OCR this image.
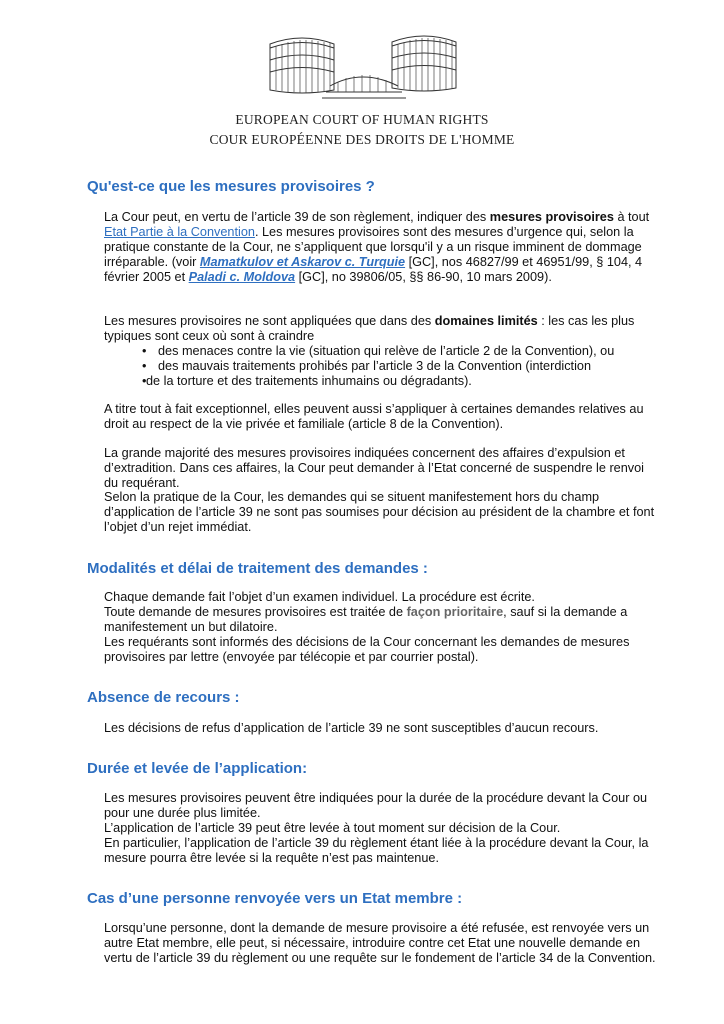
EUROPEAN COURT OF HUMAN RIGHTS
COUR EUROPÉENNE DES DROITS DE L'HOMME
Qu'est-ce que les mesures provisoires ?

La Cour peut, en vertu de l’article 39 de son règlement, indiquer des mesures provisoires à tout Etat Partie à la Convention. Les mesures provisoires sont des mesures d’urgence qui, selon la pratique constante de la Cour, ne s’appliquent que lorsqu'il y a un risque imminent de dommage irréparable. (voir Mamatkulov et Askarov c. Turquie [GC], nos 46827/99 et 46951/99, § 104, 4 février 2005 et Paladi c. Moldova [GC], no 39806/05, §§ 86-90, 10 mars 2009).

Les mesures provisoires ne sont appliquées que dans des domaines limités : les cas les plus typiques sont ceux où sont à craindre

• des menaces contre la vie (situation qui relève de l’article 2 de la Convention), ou
• des mauvais traitements prohibés par l’article 3 de la Convention (interdiction
• de la torture et des traitements inhumains ou dégradants).

A titre tout à fait exceptionnel, elles peuvent aussi s’appliquer à certaines demandes relatives au droit au respect de la vie privée et familiale (article 8 de la Convention).

La grande majorité des mesures provisoires indiquées concernent des affaires d’expulsion et d’extradition. Dans ces affaires, la Cour peut demander à l’Etat concerné de suspendre le renvoi du requérant.

Selon la pratique de la Cour, les demandes qui se situent manifestement hors du champ d’application de l’article 39 ne sont pas soumises pour décision au président de la chambre et font l’objet d’un rejet immédiat.

Modalités et délai de traitement des demandes :

Chaque demande fait l’objet d’un examen individuel. La procédure est écrite.

Toute demande de mesures provisoires est traitée de façon prioritaire, sauf si la demande a manifestement un but dilatoire.

Les requérants sont informés des décisions de la Cour concernant les demandes de mesures provisoires par lettre (envoyée par télécopie et par courrier postal).

Absence de recours :

Les décisions de refus d’application de l’article 39 ne sont susceptibles d’aucun recours.

Durée et levée de l’application:

Les mesures provisoires peuvent être indiquées pour la durée de la procédure devant la Cour ou pour une durée plus limitée.

L’application de l’article 39 peut être levée à tout moment sur décision de la Cour.

En particulier, l’application de l’article 39 du règlement étant liée à la procédure devant la Cour, la mesure pourra être levée si la requête n’est pas maintenue.

Cas d’une personne renvoyée vers un Etat membre :

Lorsqu’une personne, dont la demande de mesure provisoire a été refusée, est renvoyée vers un autre Etat membre, elle peut, si nécessaire, introduire contre cet Etat une nouvelle demande en vertu de l’article 39 du règlement ou une requête sur le fondement de l’article 34 de la Convention.
